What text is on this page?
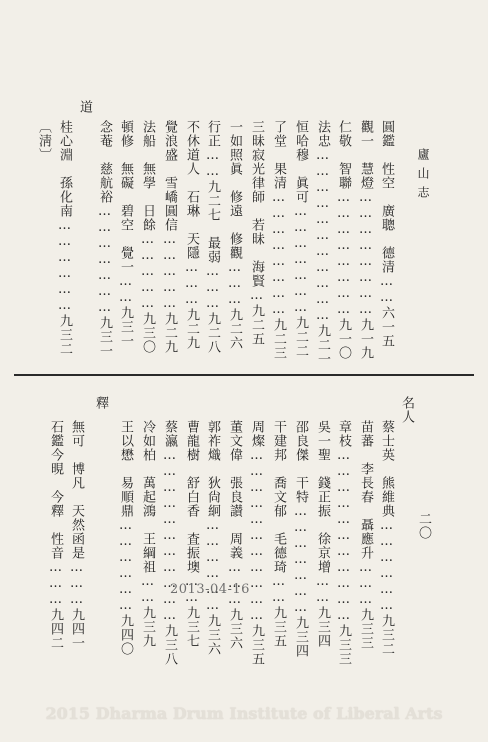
廬山志
二〇
圓鑑　性空　廣聰　德清……六一五
觀一　慧燈……………………九一九
仁敬　智聯……………………九一〇
法忠……………………………九二一
恒哈穆　眞可…………………九二二
了堂　果清……………………九二三
三昧寂光律師　若昧　海賢…九二五
一如照眞　修遠　修觀………九二六
行正……九二七　最弱………九二八
不休道人　石琳　天隱………九二九
覺浪盛　雪嶠圓信……………九二九
法船　無學　日餘……………九三〇
頓修　無礙　碧空　覺一……九三一
念菴　慈航裕…………………九三一
道
桂心淵　孫化南………………九三二
〔淸〕
名人
蔡士英　熊維典………………九三二
苗蕃　李長春　聶應升………九三三
章枝……………………………九三三
吳一聖　錢正振　徐京增……九三四
邵良傑　干特…………………九三四
干建邦　喬文郁　毛德琦……九三五
周燦……………………………九三五
董文偉　張良讃　周義………九三六
郭祚熾　狄尙絅………………九三六
曹龍樹　舒白香　査振墺……九三七
蔡瀛……………………………九三八
冷如柏　萬起鴻　王綱祖……九三九
王以懋　易順鼎………………九四〇
釋
無可　博凡　天然函是………九四一
石鑑今晛　今釋　性音………九四二	2013-04-16
2015 Dharma Drum Institute of Liberal Arts
